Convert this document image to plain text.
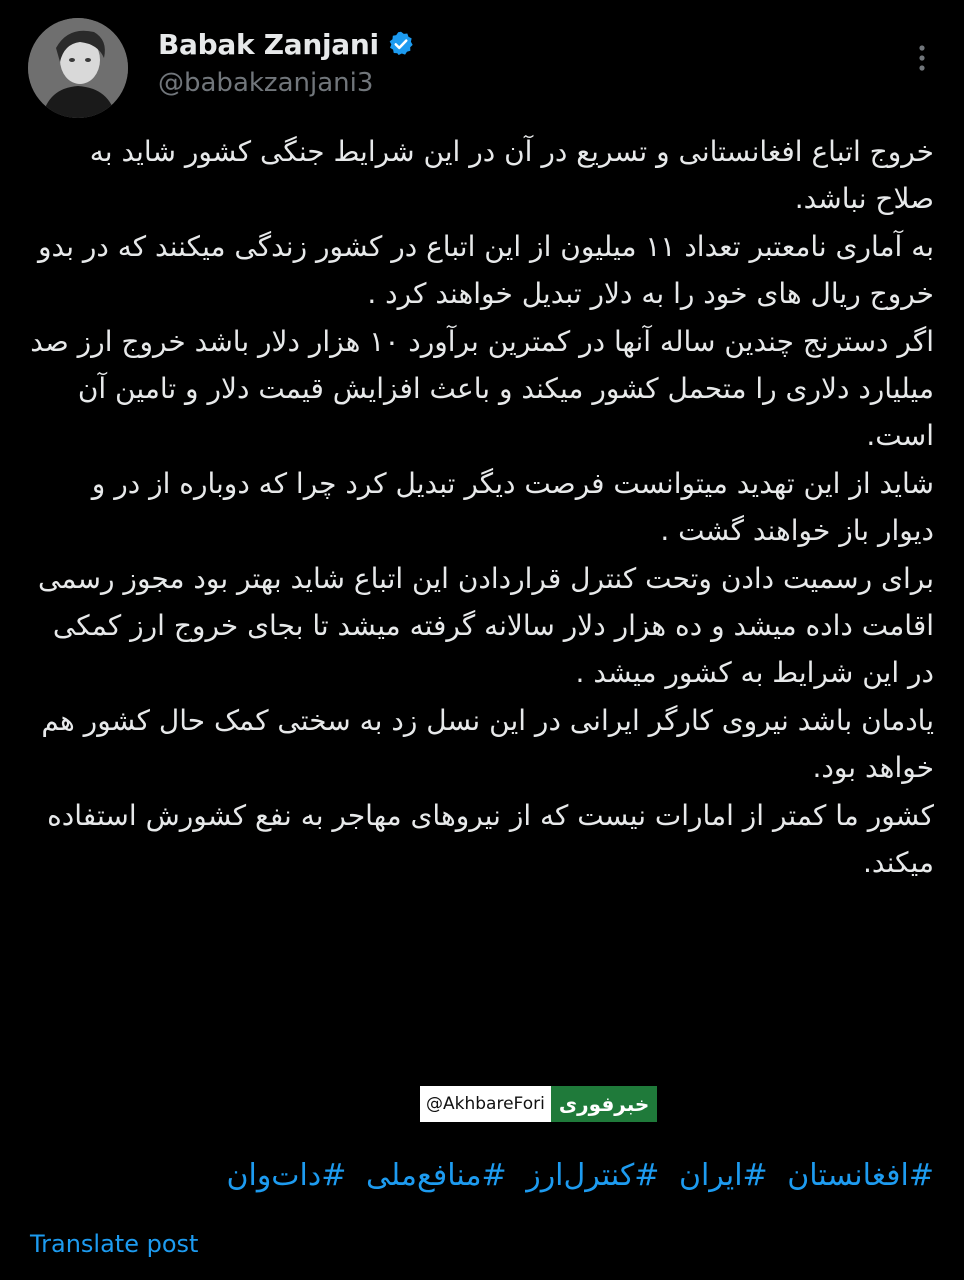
Babak Zanjani
@babakzanjani3

خروج اتباع افغانستانی و تسریع در آن در این شرایط جنگی کشور شاید به صلاح نباشد.

به آماری نامعتبر تعداد ۱۱ میلیون از این اتباع در کشور زندگی میکنند که در بدو خروج ریال های خود را به دلار تبدیل خواهند کرد .

اگر دسترنج چندین ساله آنها در کمترین برآورد ۱۰ هزار دلار باشد خروج ارز صد میلیارد دلاری را متحمل کشور میکند و باعث افزایش قیمت دلار و تامین آن است.

شاید از این تهدید میتوانست فرصت دیگر تبدیل کرد چرا که دوباره از در و دیوار باز خواهند گشت .

برای رسمیت دادن وتحت کنترل قراردادن این اتباع شاید بهتر بود مجوز رسمی اقامت داده میشد و ده هزار دلار سالانه گرفته میشد تا بجای خروج ارز کمکی در این شرایط به کشور میشد .

یادمان باشد نیروی کارگر ایرانی در این نسل زد به سختی کمک حال کشور هم خواهد بود.

کشور ما کمتر از امارات نیست که از نیروهای مهاجر به نفع کشورش استفاده میکند.

@AkhbareFori خبرفوری
#افغانستان #ایران #کنترل‌ارز #منافع‌ملی #دات‌وان
Translate post
